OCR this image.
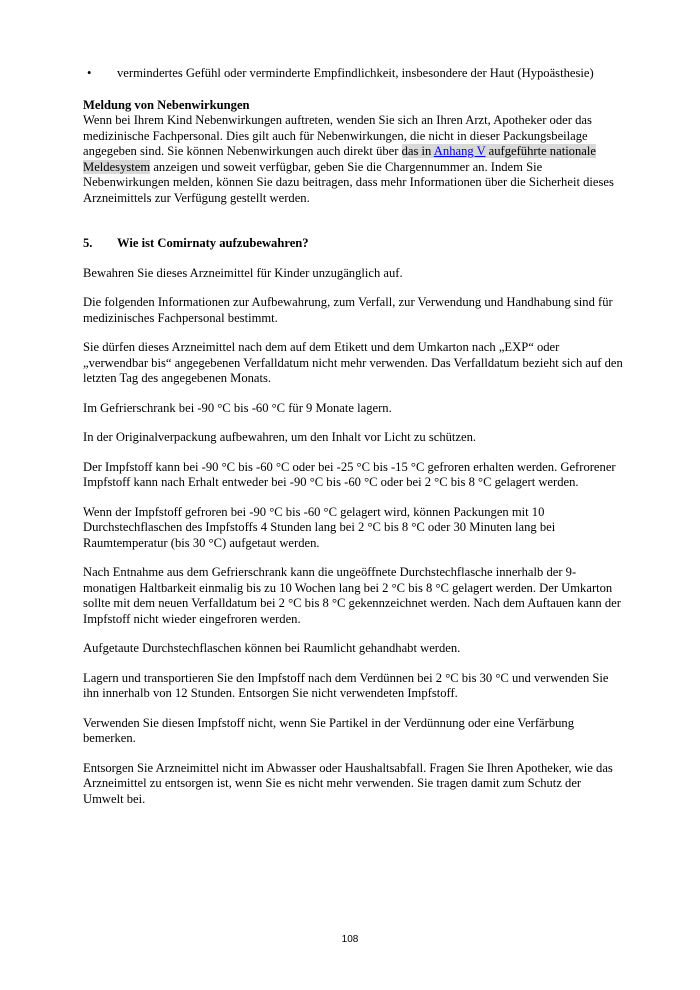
• vermindertes Gefühl oder verminderte Empfindlichkeit, insbesondere der Haut (Hypoästhesie)

Meldung von Nebenwirkungen

Wenn bei Ihrem Kind Nebenwirkungen auftreten, wenden Sie sich an Ihren Arzt, Apotheker oder das medizinische Fachpersonal. Dies gilt auch für Nebenwirkungen, die nicht in dieser Packungsbeilage angegeben sind. Sie können Nebenwirkungen auch direkt über das in Anhang V aufgeführte nationale Meldesystem anzeigen und soweit verfügbar, geben Sie die Chargennummer an. Indem Sie Nebenwirkungen melden, können Sie dazu beitragen, dass mehr Informationen über die Sicherheit dieses Arzneimittels zur Verfügung gestellt werden.

5.	Wie ist Comirnaty aufzubewahren?

Bewahren Sie dieses Arzneimittel für Kinder unzugänglich auf.

Die folgenden Informationen zur Aufbewahrung, zum Verfall, zur Verwendung und Handhabung sind für medizinisches Fachpersonal bestimmt.

Sie dürfen dieses Arzneimittel nach dem auf dem Etikett und dem Umkarton nach „EXP“ oder „verwendbar bis“ angegebenen Verfalldatum nicht mehr verwenden. Das Verfalldatum bezieht sich auf den letzten Tag des angegebenen Monats.

Im Gefrierschrank bei -90 °C bis -60 °C für 9 Monate lagern.

In der Originalverpackung aufbewahren, um den Inhalt vor Licht zu schützen.

Der Impfstoff kann bei -90 °C bis -60 °C oder bei -25 °C bis -15 °C gefroren erhalten werden. Gefrorener Impfstoff kann nach Erhalt entweder bei -90 °C bis -60 °C oder bei 2 °C bis 8 °C gelagert werden.

Wenn der Impfstoff gefroren bei -90 °C bis -60 °C gelagert wird, können Packungen mit 10 Durchstechflaschen des Impfstoffs 4 Stunden lang bei 2 °C bis 8 °C oder 30 Minuten lang bei Raumtemperatur (bis 30 °C) aufgetaut werden.

Nach Entnahme aus dem Gefrierschrank kann die ungeöffnete Durchstechflasche innerhalb der 9-monatigen Haltbarkeit einmalig bis zu 10 Wochen lang bei 2 °C bis 8 °C gelagert werden. Der Umkarton sollte mit dem neuen Verfalldatum bei 2 °C bis 8 °C gekennzeichnet werden. Nach dem Auftauen kann der Impfstoff nicht wieder eingefroren werden.

Aufgetaute Durchstechflaschen können bei Raumlicht gehandhabt werden.

Lagern und transportieren Sie den Impfstoff nach dem Verdünnen bei 2 °C bis 30 °C und verwenden Sie ihn innerhalb von 12 Stunden. Entsorgen Sie nicht verwendeten Impfstoff.

Verwenden Sie diesen Impfstoff nicht, wenn Sie Partikel in der Verdünnung oder eine Verfärbung bemerken.

Entsorgen Sie Arzneimittel nicht im Abwasser oder Haushaltsabfall. Fragen Sie Ihren Apotheker, wie das Arzneimittel zu entsorgen ist, wenn Sie es nicht mehr verwenden. Sie tragen damit zum Schutz der Umwelt bei.

108
